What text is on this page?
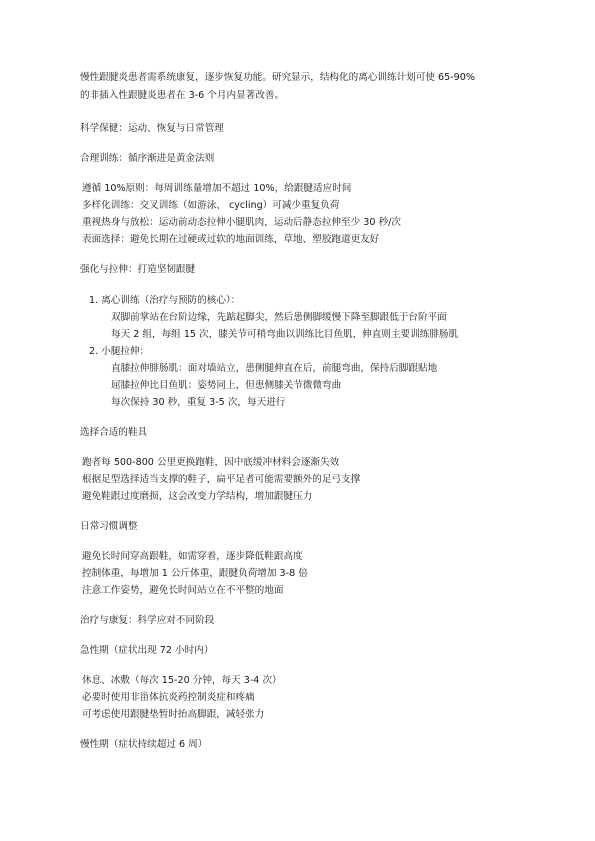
慢性跟腱炎患者需系统康复，逐步恢复功能。研究显示，结构化的离心训练计划可使 65-90%
的非插入性跟腱炎患者在 3-6 个月内显著改善。
科学保健：运动、恢复与日常管理
合理训练：循序渐进是黄金法则
遵循 10%原则：每周训练量增加不超过 10%，给跟腱适应时间
多样化训练：交叉训练（如游泳、 cycling）可减少重复负荷
重视热身与放松：运动前动态拉伸小腿肌肉，运动后静态拉伸至少 30 秒/次
表面选择：避免长期在过硬或过软的地面训练，草地、塑胶跑道更友好
强化与拉伸：打造坚韧跟腱
1. 离心训练（治疗与预防的核心）：
双脚前掌站在台阶边缘，先踮起脚尖，然后患侧脚缓慢下降至脚跟低于台阶平面
每天 2 组，每组 15 次，膝关节可稍弯曲以训练比目鱼肌，伸直则主要训练腓肠肌
2. 小腿拉伸：
直膝拉伸腓肠肌：面对墙站立，患侧腿伸直在后，前腿弯曲，保持后脚跟贴地
屈膝拉伸比目鱼肌：姿势同上，但患侧膝关节微微弯曲
每次保持 30 秒，重复 3-5 次，每天进行
选择合适的鞋具
跑者每 500-800 公里更换跑鞋，因中底缓冲材料会逐渐失效
根据足型选择适当支撑的鞋子，扁平足者可能需要额外的足弓支撑
避免鞋跟过度磨损，这会改变力学结构，增加跟腱压力
日常习惯调整
避免长时间穿高跟鞋，如需穿着，逐步降低鞋跟高度
控制体重，每增加 1 公斤体重，跟腱负荷增加 3-8 倍
注意工作姿势，避免长时间站立在不平整的地面
治疗与康复：科学应对不同阶段
急性期（症状出现 72 小时内）
休息、冰敷（每次 15-20 分钟，每天 3-4 次）
必要时使用非甾体抗炎药控制炎症和疼痛
可考虑使用跟腱垫暂时抬高脚跟，减轻张力
慢性期（症状持续超过 6 周）
